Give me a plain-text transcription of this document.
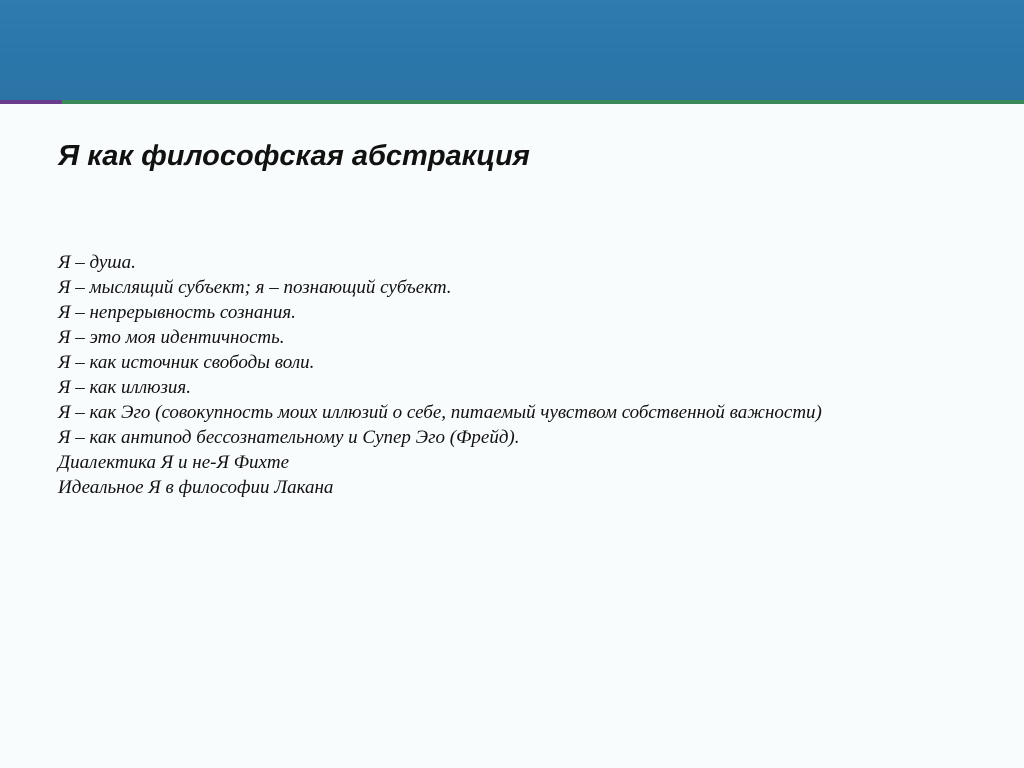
Я как философская абстракция
Я – душа.
Я – мыслящий субъект; я – познающий субъект.
Я – непрерывность сознания.
Я – это моя идентичность.
Я – как источник свободы воли.
Я – как иллюзия.
Я – как Эго (совокупность моих иллюзий о себе, питаемый чувством собственной важности)
Я – как антипод бессознательному и Супер Эго (Фрейд).
Диалектика Я и не-Я Фихте
Идеальное Я в философии Лакана
